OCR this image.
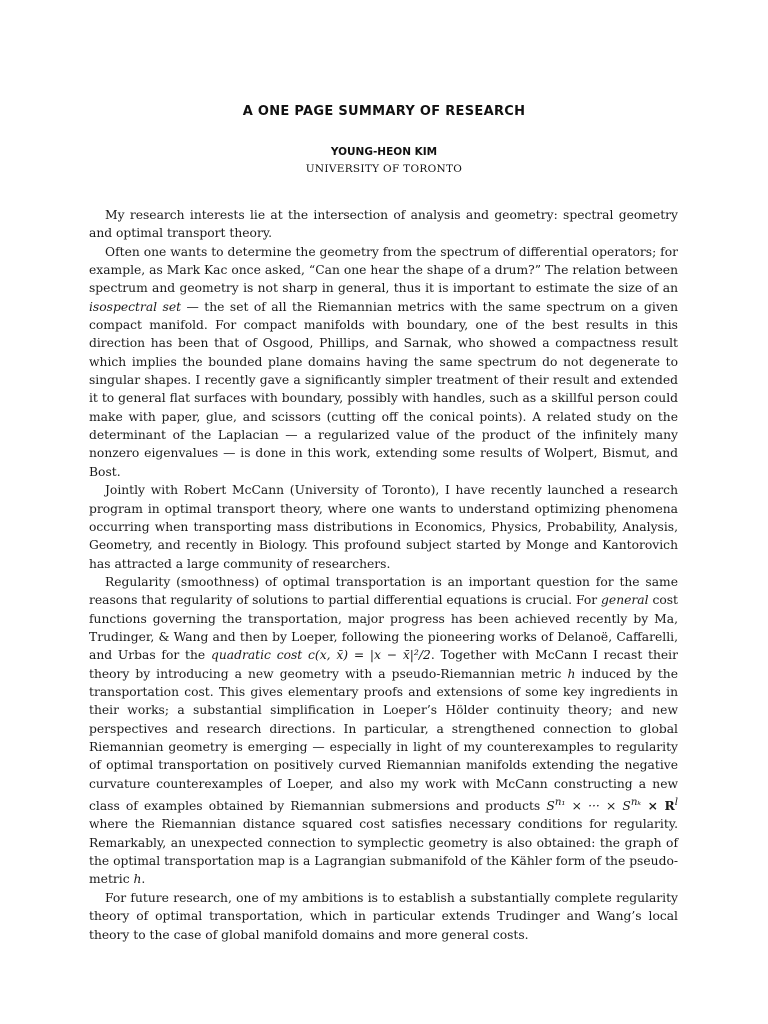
A ONE PAGE SUMMARY OF RESEARCH
YOUNG-HEON KIM
UNIVERSITY OF TORONTO

My research interests lie at the intersection of analysis and geometry: spectral geometry and optimal transport theory.

Often one wants to determine the geometry from the spectrum of differential operators; for example, as Mark Kac once asked, “Can one hear the shape of a drum?” The relation between spectrum and geometry is not sharp in general, thus it is important to estimate the size of an isospectral set — the set of all the Riemannian metrics with the same spectrum on a given compact manifold. For compact manifolds with boundary, one of the best results in this direction has been that of Osgood, Phillips, and Sarnak, who showed a compactness result which implies the bounded plane domains having the same spectrum do not degenerate to singular shapes. I recently gave a significantly simpler treatment of their result and extended it to general flat surfaces with boundary, possibly with handles, such as a skillful person could make with paper, glue, and scissors (cutting off the conical points). A related study on the determinant of the Laplacian — a regularized value of the product of the infinitely many nonzero eigenvalues — is done in this work, extending some results of Wolpert, Bismut, and Bost.

Jointly with Robert McCann (University of Toronto), I have recently launched a research program in optimal transport theory, where one wants to understand optimizing phenomena occurring when transporting mass distributions in Economics, Physics, Probability, Analysis, Geometry, and recently in Biology. This profound subject started by Monge and Kantorovich has attracted a large community of researchers.

Regularity (smoothness) of optimal transportation is an important question for the same reasons that regularity of solutions to partial differential equations is crucial. For general cost functions governing the transportation, major progress has been achieved recently by Ma, Trudinger, & Wang and then by Loeper, following the pioneering works of Delanoë, Caffarelli, and Urbas for the quadratic cost c(x, x̄) = |x − x̄|²/2. Together with McCann I recast their theory by introducing a new geometry with a pseudo-Riemannian metric h induced by the transportation cost. This gives elementary proofs and extensions of some key ingredients in their works; a substantial simplification in Loeper’s Hölder continuity theory; and new perspectives and research directions. In particular, a strengthened connection to global Riemannian geometry is emerging — especially in light of my counterexamples to regularity of optimal transportation on positively curved Riemannian manifolds extending the negative curvature counterexamples of Loeper, and also my work with McCann constructing a new class of examples obtained by Riemannian submersions and products $S^{n_1}$ × ··· × $S^{n_k} \times R^l$ where the Riemannian distance squared cost satisfies necessary conditions for regularity. Remarkably, an unexpected connection to symplectic geometry is also obtained: the graph of the optimal transportation map is a Lagrangian submanifold of the Kähler form of the pseudo-metric h.

For future research, one of my ambitions is to establish a substantially complete regularity theory of optimal transportation, which in particular extends Trudinger and Wang’s local theory to the case of global manifold domains and more general costs.
